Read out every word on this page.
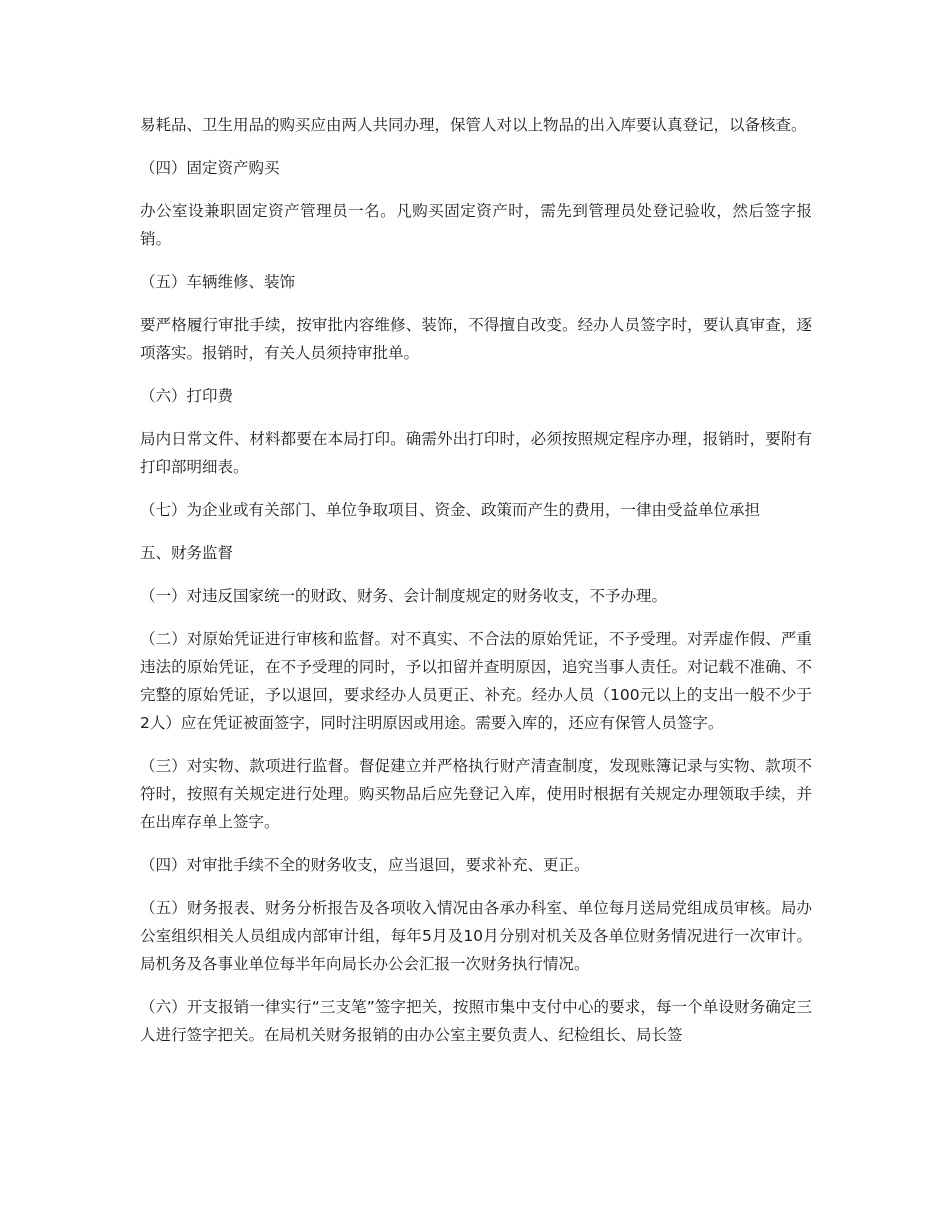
易耗品、卫生用品的购买应由两人共同办理，保管人对以上物品的出入库要认真登记，以备核查。

（四）固定资产购买

办公室设兼职固定资产管理员一名。凡购买固定资产时，需先到管理员处登记验收，然后签字报销。

（五）车辆维修、装饰

要严格履行审批手续，按审批内容维修、装饰，不得擅自改变。经办人员签字时，要认真审查，逐项落实。报销时，有关人员须持审批单。

（六）打印费

局内日常文件、材料都要在本局打印。确需外出打印时，必须按照规定程序办理，报销时，要附有打印部明细表。

（七）为企业或有关部门、单位争取项目、资金、政策而产生的费用，一律由受益单位承担

五、财务监督

（一）对违反国家统一的财政、财务、会计制度规定的财务收支，不予办理。

（二）对原始凭证进行审核和监督。对不真实、不合法的原始凭证，不予受理。对弄虚作假、严重违法的原始凭证，在不予受理的同时，予以扣留并查明原因，追究当事人责任。对记载不准确、不完整的原始凭证，予以退回，要求经办人员更正、补充。经办人员（100元以上的支出一般不少于2人）应在凭证被面签字，同时注明原因或用途。需要入库的，还应有保管人员签字。

（三）对实物、款项进行监督。督促建立并严格执行财产清查制度，发现账簿记录与实物、款项不符时，按照有关规定进行处理。购买物品后应先登记入库，使用时根据有关规定办理领取手续，并在出库存单上签字。

（四）对审批手续不全的财务收支，应当退回，要求补充、更正。

（五）财务报表、财务分析报告及各项收入情况由各承办科室、单位每月送局党组成员审核。局办公室组织相关人员组成内部审计组，每年5月及10月分别对机关及各单位财务情况进行一次审计。局机务及各事业单位每半年向局长办公会汇报一次财务执行情况。

（六）开支报销一律实行“三支笔”签字把关，按照市集中支付中心的要求，每一个单设财务确定三人进行签字把关。在局机关财务报销的由办公室主要负责人、纪检组长、局长签
